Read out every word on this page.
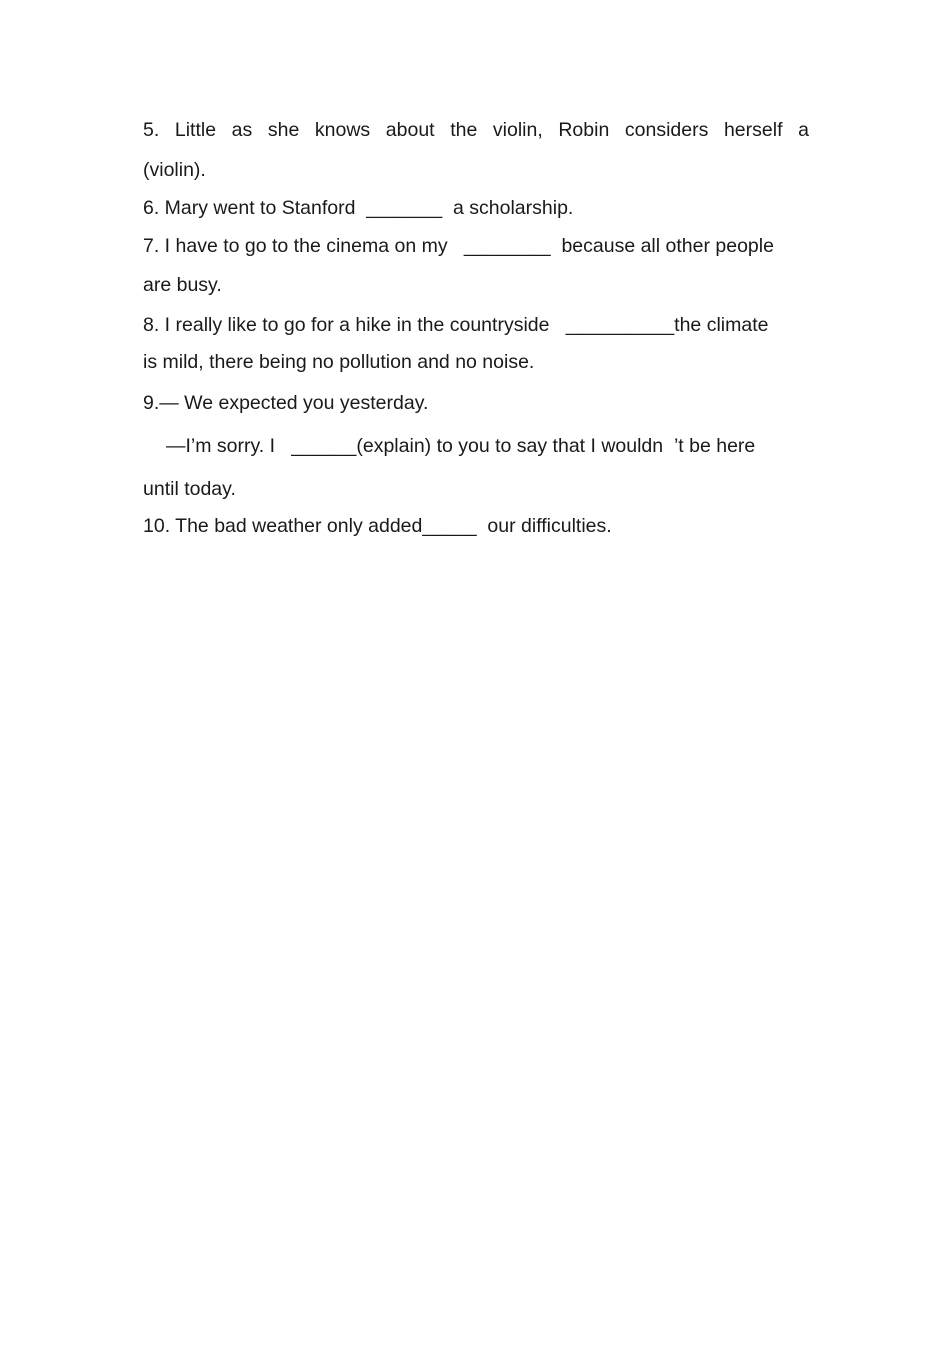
5. Little as she knows about the violin, Robin considers herself a
(violin).
6. Mary went to Stanford  _______  a scholarship.
7. I have to go to the cinema on my   ________  because all other people
are busy.
8. I really like to go for a hike in the countryside   __________the climate
is mild, there being no pollution and no noise.
9.— We expected you yesterday.
—I’m sorry. I   ______(explain) to you to say that I wouldn  ’t be here
until today.
10. The bad weather only added_____  our difficulties.
